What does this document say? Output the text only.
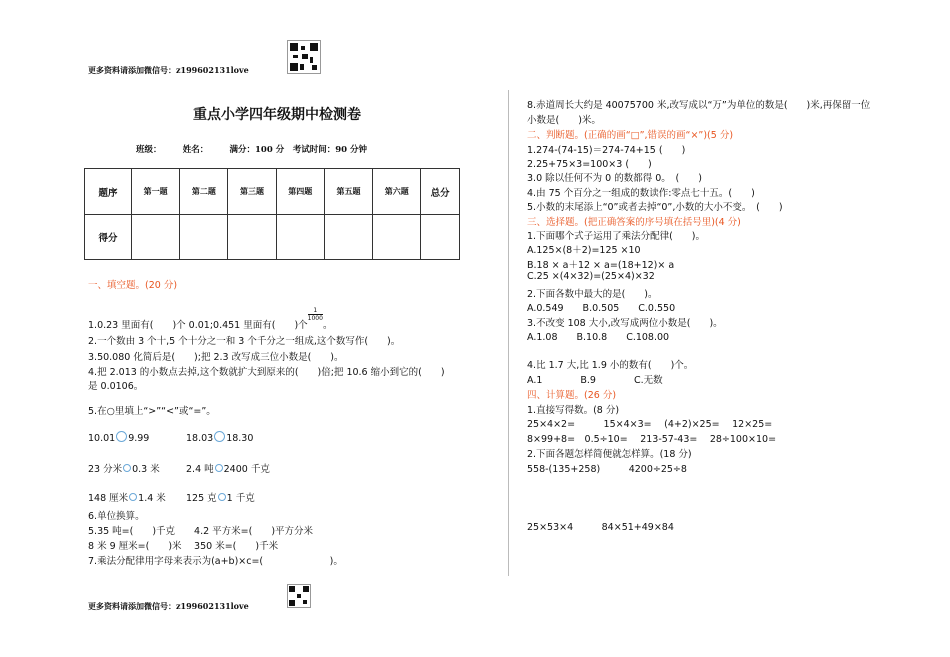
更多资料请添加微信号：z199602131love
重点小学四年级期中检测卷
班级：　　　姓名：　　　满分：100 分　考试时间：90 分钟
题序	第一题	第二题	第三题	第四题	第五题	第六题	总分
得分							
一、填空题。(20 分)
1.0.23 里面有(　　)个 0.01;0.451 里面有(　　)个
$\frac{1}{1000}$
。
2.一个数由 3 个十,5 个十分之一和 3 个千分之一组成,这个数写作(　　)。
3.50.080 化简后是(　　);把 2.3 改写成三位小数是(　　)。
4.把 2.013 的小数点去掉,这个数就扩大到原来的(　　)倍;把 10.6 缩小到它的(　　)
是 0.0106。
5.在○里填上“>”“<”或“=”。
10.01 9.99	18.03 18.30
23 分米 0.3 米	2.4 吨 2400 千克
148 厘米 1.4 米 125 克 1 千克
6.单位换算。
5.35 吨=(　　)千克　　4.2 平方米=(　　)平方分米
8 米 9 厘米=(　　)米　 350 米=(　　)千米
7.乘法分配律用字母来表示为(a+b)×c=(　　　　　　　)。
8.赤道周长大约是 40075700 米,改写成以“万”为单位的数是(　　)米,再保留一位
小数是(　　)米。
二、判断题。(正确的画“□”,错误的画“×”)(5 分)
1.274-(74-15)＝274-74+15 (　　)
2.25+75×3=100×3 (　　)
3.0 除以任何不为 0 的数都得 0。　(　　)
4.由 75 个百分之一组成的数读作:零点七十五。(　　)
5.小数的末尾添上“0”或者去掉“0”,小数的大小不变。　(　　)
三、选择题。(把正确答案的序号填在括号里)(4 分)
1.下面哪个式子运用了乘法分配律(　　)。
A.125×(8＋2)=125 ×10
B.18 × a＋12 × a=(18+12)× a
C.25 ×(4×32)=(25×4)×32
2.下面各数中最大的是(　　)。
A.0.549　　B.0.505　　C.0.550
3.不改变 108 大小,改写成两位小数是(　　)。
A.1.08　　B.10.8　　C.108.00
4.比 1.7 大,比 1.9 小的数有(　　)个。
A.1　　　　B.9　　　　C.无数
四、计算题。(26 分)
1.直接写得数。(8 分)
25×4×2=　　　15×4×3=　 (4+2)×25=　 12×25=
8×99+8=　0.5÷10=　 213-57-43=　 28÷100×10=
2.下面各题怎样简便就怎样算。(18 分)
558-(135+258)　　　4200÷25÷8
25×53×4　　　84×51+49×84
更多资料请添加微信号：z199602131love
